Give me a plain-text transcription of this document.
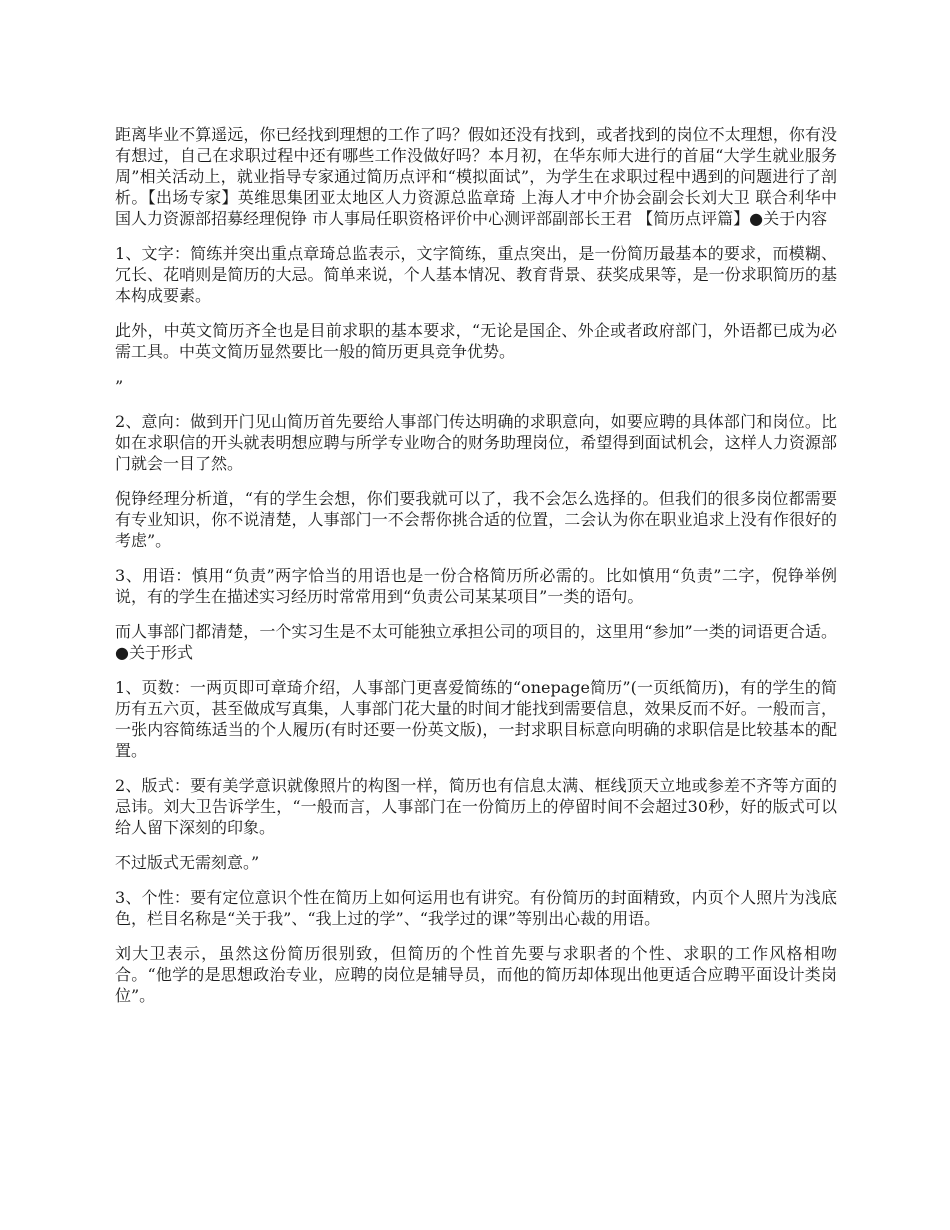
距离毕业不算遥远，你已经找到理想的工作了吗？假如还没有找到，或者找到的岗位不太理想，你有没有想过，自己在求职过程中还有哪些工作没做好吗？本月初，在华东师大进行的首届“大学生就业服务周”相关活动上，就业指导专家通过简历点评和“模拟面试”，为学生在求职过程中遇到的问题进行了剖析。【出场专家】英维思集团亚太地区人力资源总监章琦 上海人才中介协会副会长刘大卫 联合利华中国人力资源部招募经理倪铮 市人事局任职资格评价中心测评部副部长王君 【简历点评篇】●关于内容

1、文字：简练并突出重点章琦总监表示，文字简练，重点突出，是一份简历最基本的要求，而模糊、冗长、花哨则是简历的大忌。简单来说，个人基本情况、教育背景、获奖成果等，是一份求职简历的基本构成要素。

此外，中英文简历齐全也是目前求职的基本要求，“无论是国企、外企或者政府部门，外语都已成为必需工具。中英文简历显然要比一般的简历更具竞争优势。

”

2、意向：做到开门见山简历首先要给人事部门传达明确的求职意向，如要应聘的具体部门和岗位。比如在求职信的开头就表明想应聘与所学专业吻合的财务助理岗位，希望得到面试机会，这样人力资源部门就会一目了然。

倪铮经理分析道，“有的学生会想，你们要我就可以了，我不会怎么选择的。但我们的很多岗位都需要有专业知识，你不说清楚，人事部门一不会帮你挑合适的位置，二会认为你在职业追求上没有作很好的考虑”。

3、用语：慎用“负责”两字恰当的用语也是一份合格简历所必需的。比如慎用“负责”二字，倪铮举例说，有的学生在描述实习经历时常常用到“负责公司某某项目”一类的语句。

而人事部门都清楚，一个实习生是不太可能独立承担公司的项目的，这里用“参加”一类的词语更合适。 ●关于形式

1、页数：一两页即可章琦介绍，人事部门更喜爱简练的“onepage简历”(一页纸简历)，有的学生的简历有五六页，甚至做成写真集，人事部门花大量的时间才能找到需要信息，效果反而不好。一般而言，一张内容简练适当的个人履历(有时还要一份英文版)，一封求职目标意向明确的求职信是比较基本的配置。

2、版式：要有美学意识就像照片的构图一样，简历也有信息太满、框线顶天立地或参差不齐等方面的忌讳。刘大卫告诉学生，“一般而言，人事部门在一份简历上的停留时间不会超过30秒，好的版式可以给人留下深刻的印象。

不过版式无需刻意。”

3、个性：要有定位意识个性在简历上如何运用也有讲究。有份简历的封面精致，内页个人照片为浅底色，栏目名称是“关于我”、“我上过的学”、“我学过的课”等别出心裁的用语。

刘大卫表示，虽然这份简历很别致，但简历的个性首先要与求职者的个性、求职的工作风格相吻合。“他学的是思想政治专业，应聘的岗位是辅导员，而他的简历却体现出他更适合应聘平面设计类岗位”。
